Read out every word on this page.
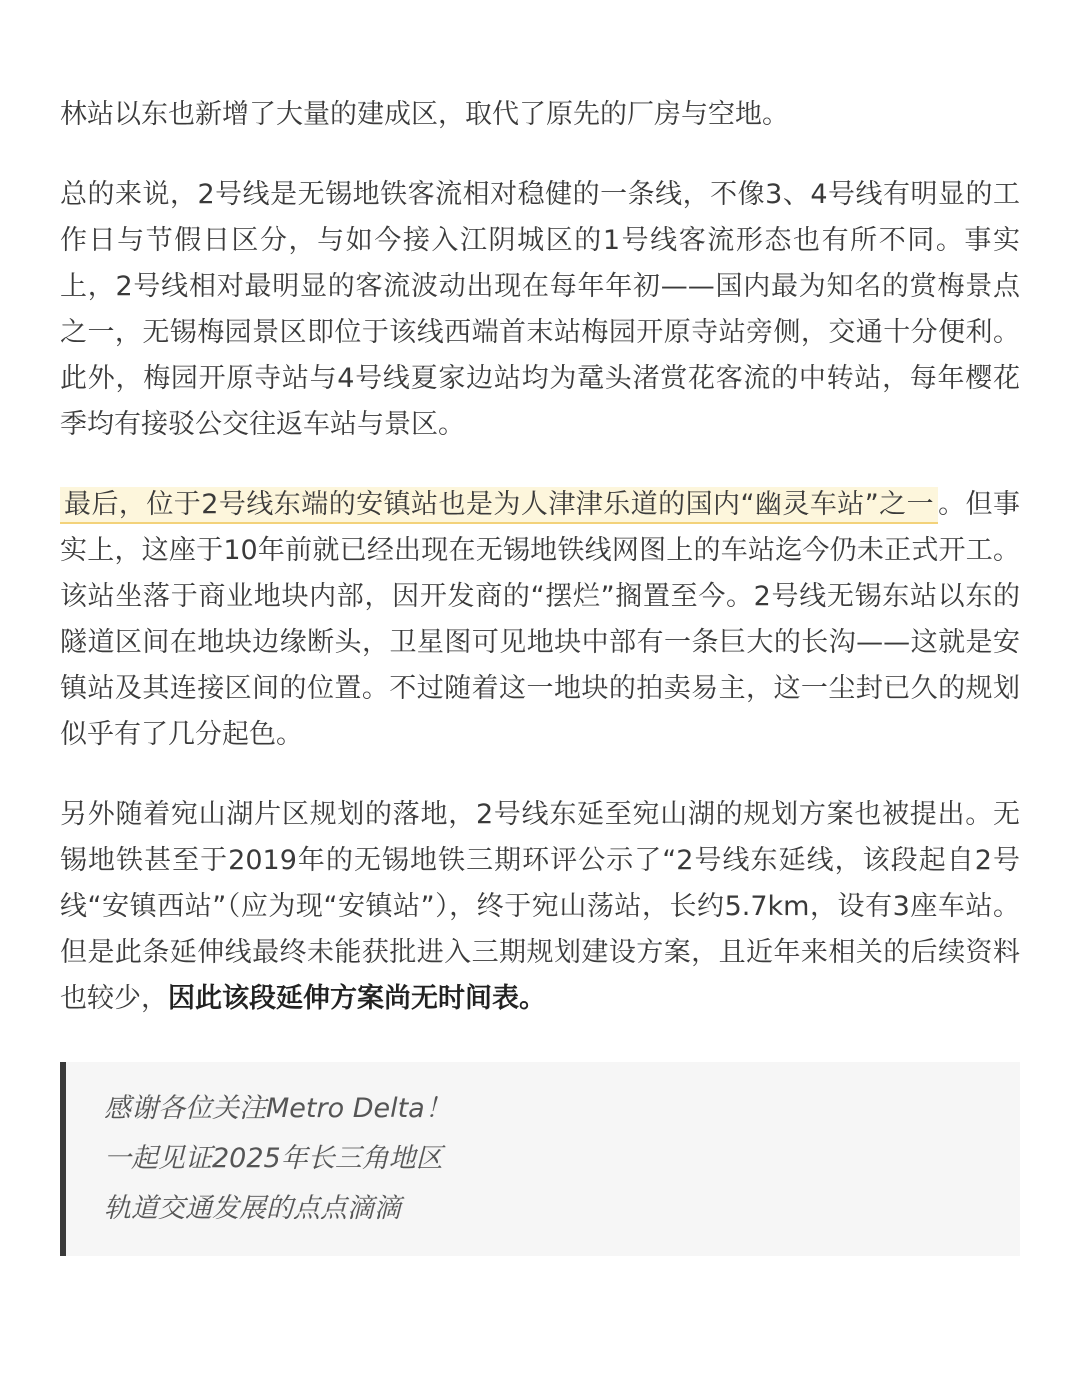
林站以东也新增了大量的建成区，取代了原先的厂房与空地。

总的来说，2号线是无锡地铁客流相对稳健的一条线，不像3、4号线有明显的工作日与节假日区分，与如今接入江阴城区的1号线客流形态也有所不同。事实上，2号线相对最明显的客流波动出现在每年年初——国内最为知名的赏梅景点之一，无锡梅园景区即位于该线西端首末站梅园开原寺站旁侧，交通十分便利。此外，梅园开原寺站与4号线夏家边站均为鼋头渚赏花客流的中转站，每年樱花季均有接驳公交往返车站与景区。

最后，位于2号线东端的安镇站也是为人津津乐道的国内“幽灵车站”之一 。但事实上，这座于10年前就已经出现在无锡地铁线网图上的车站迄今仍未正式开工。该站坐落于商业地块内部，因开发商的“摆烂”搁置至今。2号线无锡东站以东的隧道区间在地块边缘断头，卫星图可见地块中部有一条巨大的长沟——这就是安镇站及其连接区间的位置。不过随着这一地块的拍卖易主，这一尘封已久的规划似乎有了几分起色。

另外随着宛山湖片区规划的落地，2号线东延至宛山湖的规划方案也被提出。无锡地铁甚至于2019年的无锡地铁三期环评公示了“2号线东延线，该段起自2号线“安镇西站”（应为现“安镇站”），终于宛山荡站，长约5.7km，设有3座车站。但是此条延伸线最终未能获批进入三期规划建设方案，且近年来相关的后续资料也较少，因此该段延伸方案尚无时间表。

感谢各位关注Metro Delta！
一起见证2025年长三角地区
轨道交通发展的点点滴滴
